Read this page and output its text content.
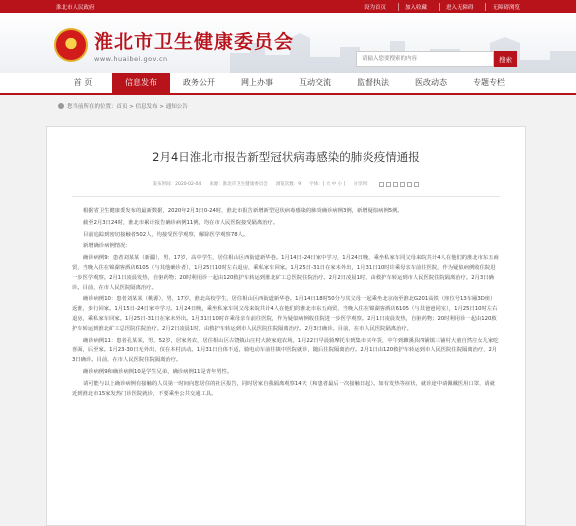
淮北市人民政府	设为首页	加入收藏	进入无障碍	无障碍浏览
★ 淮北市卫生健康委员会
www.huaibei.gov.cn
请输入您要搜索的内容	搜索
首 页	信息发布	政务公开	网上办事	互动交流	监督执法	医改动态	专题专栏
您当前所在的位置：首页 > 信息发布 > 通知公告
2月4日淮北市报告新型冠状病毒感染的肺炎疫情通报
发布时间：2020-02-04 来源：淮北市卫生健康委员会 浏览次数：9 字体：[ 大 中 小 ] 分享到：

根据省卫生健康委发布的最新数据，2020年2月3日0-24时，淮北市报告新增新型冠状病毒感染的肺炎确诊病例3例，新增疑似病例5例。

截至2月3日24时，淮北市累计报告确诊病例11例，均在市人民医院接受隔离治疗。

目前追踪到密切接触者502人，均接受医学观察，解除医学观察78人。

新增确诊病例情况：

确诊病例9：患者刘某某（新疆），男，17岁，高中学生，居住相山区西街道新华巷。1月14日-24日家中学习，1月24日晚，乘坐私家车同父母来皖共计4人在他们的淮北市东五商贸，当晚入住在锦湖客酒店6105（与其他确诊者），1月25日10时左右退房，乘私家车回家。1月25日-31日在家未外出，1月31日10时许乘母亲车前往医院，作为疑似病例收住院进一步医学观察。2月1日凌晨发热，自驱药物；20时利用诊一起由120救护车转运到淮北矿工总医院住院治疗。2月2日凌晨1时，由救护车转运到市人民医院住院隔离治疗。2月3日确诊。目前，在市人民医院隔离治疗。

确诊病例10：患者刘某某（桃源），男，17岁，淮北高校学生，居住相山区西街道新华巷。1月14日18时50分与其父母一起乘坐北京南至淮北G201高铁（座位号13车厢3D座）返淮，步行回家。1月15日-24日家中学习。1月24日晚，乘坐私家车同父母来皖共计4人在他们的淮北市东五商贸，当晚入住在锦湖客酒店6105（与其爸爸同室），1月25日10时左右退房，乘私家车回家。1月25日-31日在家未外出。1月31日10时许乘母亲车前往医院，作为疑似病例收住院进一步医学观察。2月1日凌晨发热，自驱药物；20时利用诊一起由120救护车转运到淮北矿工总医院住院治疗。2月2日凌晨1时，由救护车转运到市人民医院住院隔离治疗。2月3日确诊。目前，在市人民医院隔离治疗。

确诊病例11：患者孔某某，男，52岁，居家务农，居住相山区古饶镇山庄村大龄家庭农场。1月22日早晨骑摩托车到集市买年货，中午到濉溪县四铺镇三铺村大童自然庄女儿家吃喜面，后至家。1月23-30日无外出，仅在本村活动。1月31日自体不适，骑电动车前往镇中医院就诊，随后住院隔离治疗。2月1日由120救护车转运到市人民医院住院隔离治疗，2月3日确诊。目前，在市人民医院住院隔离治疗。

确诊病例9和确诊病例10是学生兄弟，确诊病例11是青年男性。

请可能与以上确诊病例有接触的人员第一时间向您居住的社区报告，同时居家自我隔离观察14天（和患者最后一次接触日起）。如有发热等症状，就诊途中请佩戴医用口罩，请就近到淮北市15家发热门诊医院就诊，不要乘坐公共交通工具。
